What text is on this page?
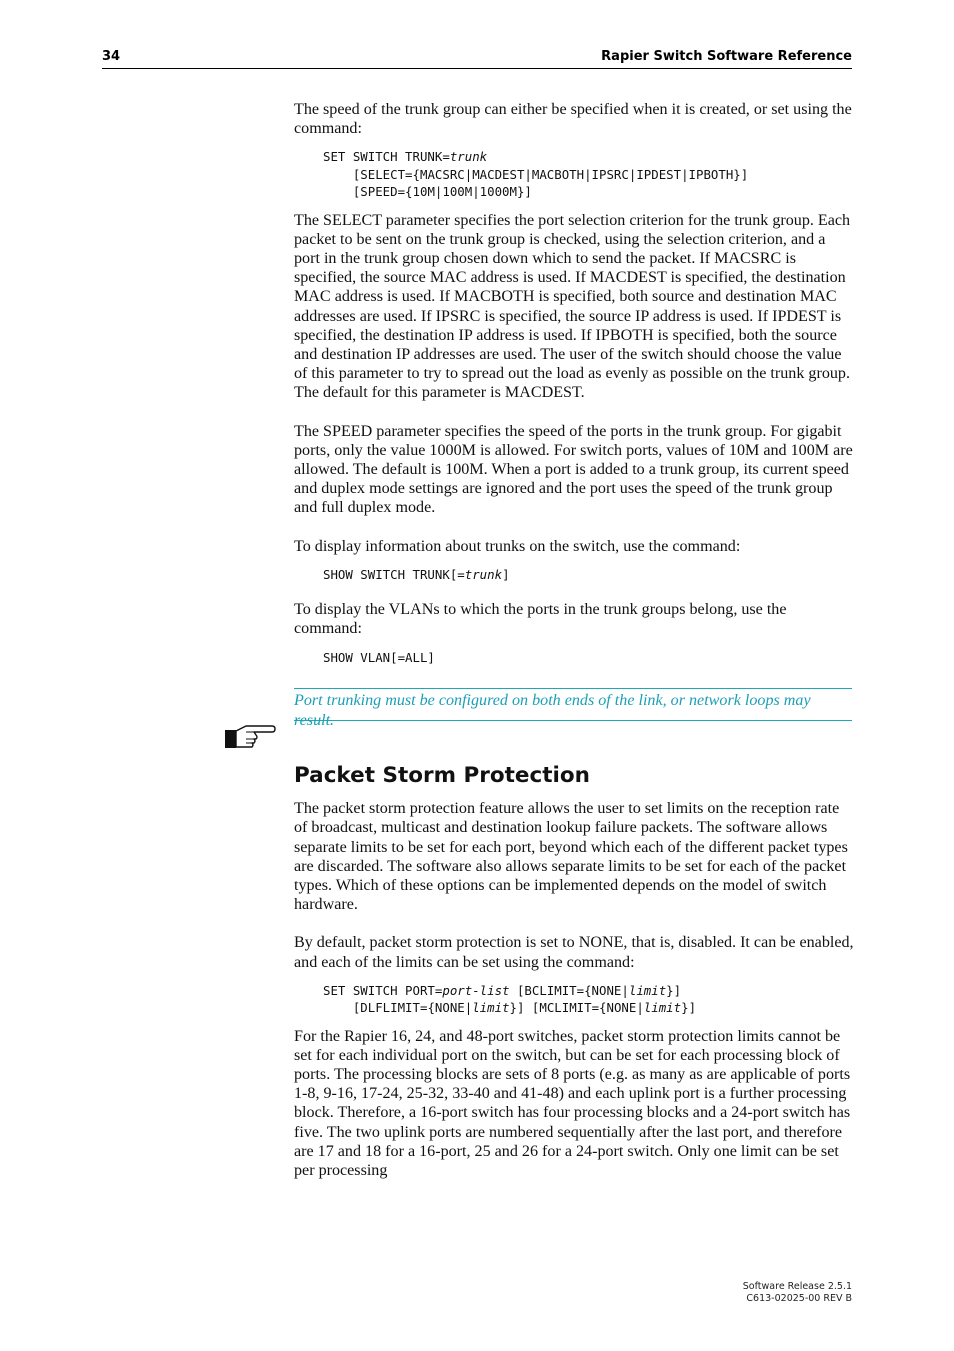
34	Rapier Switch Software Reference

The speed of the trunk group can either be specified when it is created, or set using the command:

SET SWITCH TRUNK=trunk
[SELECT={MACSRC|MACDEST|MACBOTH|IPSRC|IPDEST|IPBOTH}]
[SPEED={10M|100M|1000M}]

The SELECT parameter specifies the port selection criterion for the trunk group. Each packet to be sent on the trunk group is checked, using the selection criterion, and a port in the trunk group chosen down which to send the packet. If MACSRC is specified, the source MAC address is used. If MACDEST is specified, the destination MAC address is used. If MACBOTH is specified, both source and destination MAC addresses are used. If IPSRC is specified, the source IP address is used. If IPDEST is specified, the destination IP address is used. If IPBOTH is specified, both the source and destination IP addresses are used. The user of the switch should choose the value of this parameter to try to spread out the load as evenly as possible on the trunk group. The default for this parameter is MACDEST.

The SPEED parameter specifies the speed of the ports in the trunk group. For gigabit ports, only the value 1000M is allowed. For switch ports, values of 10M and 100M are allowed. The default is 100M. When a port is added to a trunk group, its current speed and duplex mode settings are ignored and the port uses the speed of the trunk group and full duplex mode.

To display information about trunks on the switch, use the command:

SHOW SWITCH TRUNK[=trunk]

To display the VLANs to which the ports in the trunk groups belong, use the command:

SHOW VLAN[=ALL]
Port trunking must be configured on both ends of the link, or network loops may result.
Packet Storm Protection

The packet storm protection feature allows the user to set limits on the reception rate of broadcast, multicast and destination lookup failure packets. The software allows separate limits to be set for each port, beyond which each of the different packet types are discarded. The software also allows separate limits to be set for each of the packet types. Which of these options can be implemented depends on the model of switch hardware.

By default, packet storm protection is set to NONE, that is, disabled. It can be enabled, and each of the limits can be set using the command:

SET SWITCH PORT=port-list [BCLIMIT={NONE|limit}]
[DLFLIMIT={NONE|limit}] [MCLIMIT={NONE|limit}]

For the Rapier 16, 24, and 48-port switches, packet storm protection limits cannot be set for each individual port on the switch, but can be set for each processing block of ports. The processing blocks are sets of 8 ports (e.g. as many as are applicable of ports 1-8, 9-16, 17-24, 25-32, 33-40 and 41-48) and each uplink port is a further processing block. Therefore, a 16-port switch has four processing blocks and a 24-port switch has five. The two uplink ports are numbered sequentially after the last port, and therefore are 17 and 18 for a 16-port, 25 and 26 for a 24-port switch. Only one limit can be set per processing

Software Release 2.5.1
C613-02025-00 REV B
